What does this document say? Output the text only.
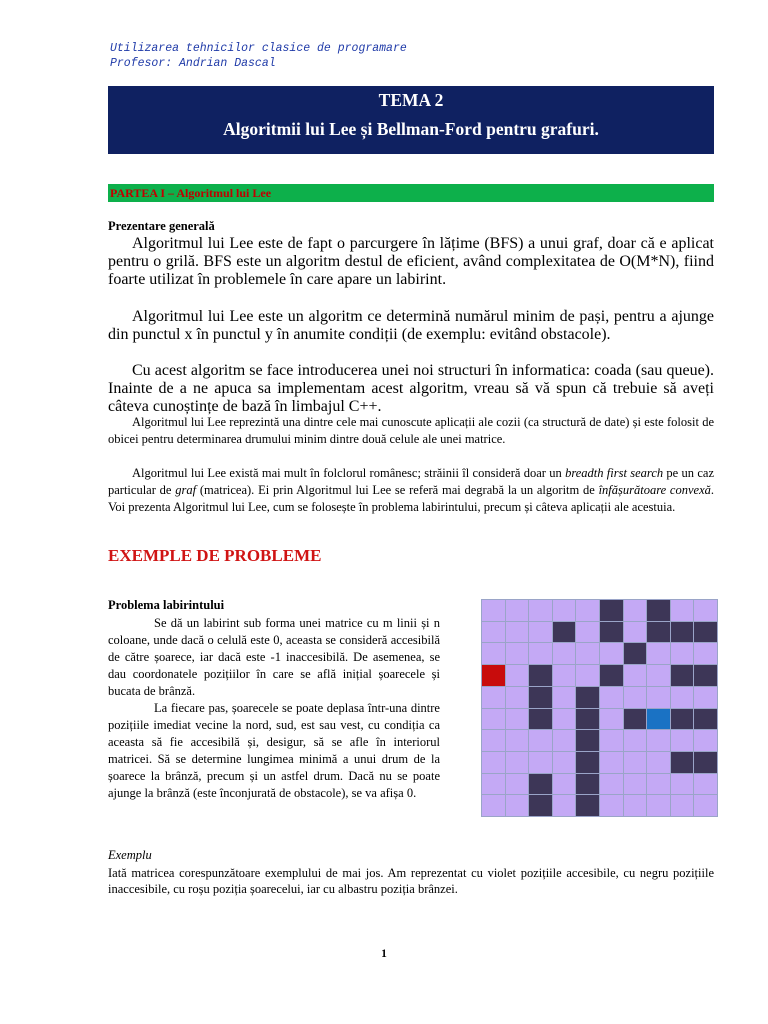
Utilizarea tehnicilor clasice de programare
Profesor: Andrian Dascal
TEMA 2
Algoritmii lui Lee și Bellman-Ford pentru grafuri.
PARTEA I – Algoritmul lui Lee
Prezentare generală
Algoritmul lui Lee este de fapt o parcurgere în lățime (BFS) a unui graf, doar că e aplicat pentru o grilă. BFS este un algoritm destul de eficient, având complexitatea de O(M*N), fiind foarte utilizat în problemele în care apare un labirint.
Algoritmul lui Lee este un algoritm ce determină numărul minim de pași, pentru a ajunge din punctul x în punctul y în anumite condiții (de exemplu: evitând obstacole).
Cu acest algoritm se face introducerea unei noi structuri în informatica: coada (sau queue). Inainte de a ne apuca sa implementam acest algoritm, vreau să vă spun că trebuie să aveți câteva cunoștințe de bază în limbajul C++.
Algoritmul lui Lee reprezintă una dintre cele mai cunoscute aplicații ale cozii (ca structură de date) și este folosit de obicei pentru determinarea drumului minim dintre două celule ale unei matrice.
Algoritmul lui Lee există mai mult în folclorul românesc; străinii îl consideră doar un breadth first search pe un caz particular de graf (matricea). Ei prin Algoritmul lui Lee se referă mai degrabă la un algoritm de înfășurătoare convexă. Voi prezenta Algoritmul lui Lee, cum se folosește în problema labirintului, precum și câteva aplicații ale acestuia.
EXEMPLE DE PROBLEME
Problema labirintului
Se dă un labirint sub forma unei matrice cu m linii și n coloane, unde dacă o celulă este 0, aceasta se consideră accesibilă de către șoarece, iar dacă este -1 inaccesibilă. De asemenea, se dau coordonatele pozițiilor în care se află inițial șoarecele și bucata de brânză.
La fiecare pas, șoarecele se poate deplasa într-una dintre pozițiile imediat vecine la nord, sud, est sau vest, cu condiția ca aceasta să fie accesibilă și, desigur, să se afle în interiorul matricei. Să se determine lungimea minimă a unui drum de la șoarece la brânză, precum și un astfel drum. Dacă nu se poate ajunge la brânză (este înconjurată de obstacole), se va afișa 0.
Exemplu
Iată matricea corespunzătoare exemplului de mai jos. Am reprezentat cu violet pozițiile accesibile, cu negru pozițiile inaccesibile, cu roșu poziția șoarecelui, iar cu albastru poziția brânzei.
1
